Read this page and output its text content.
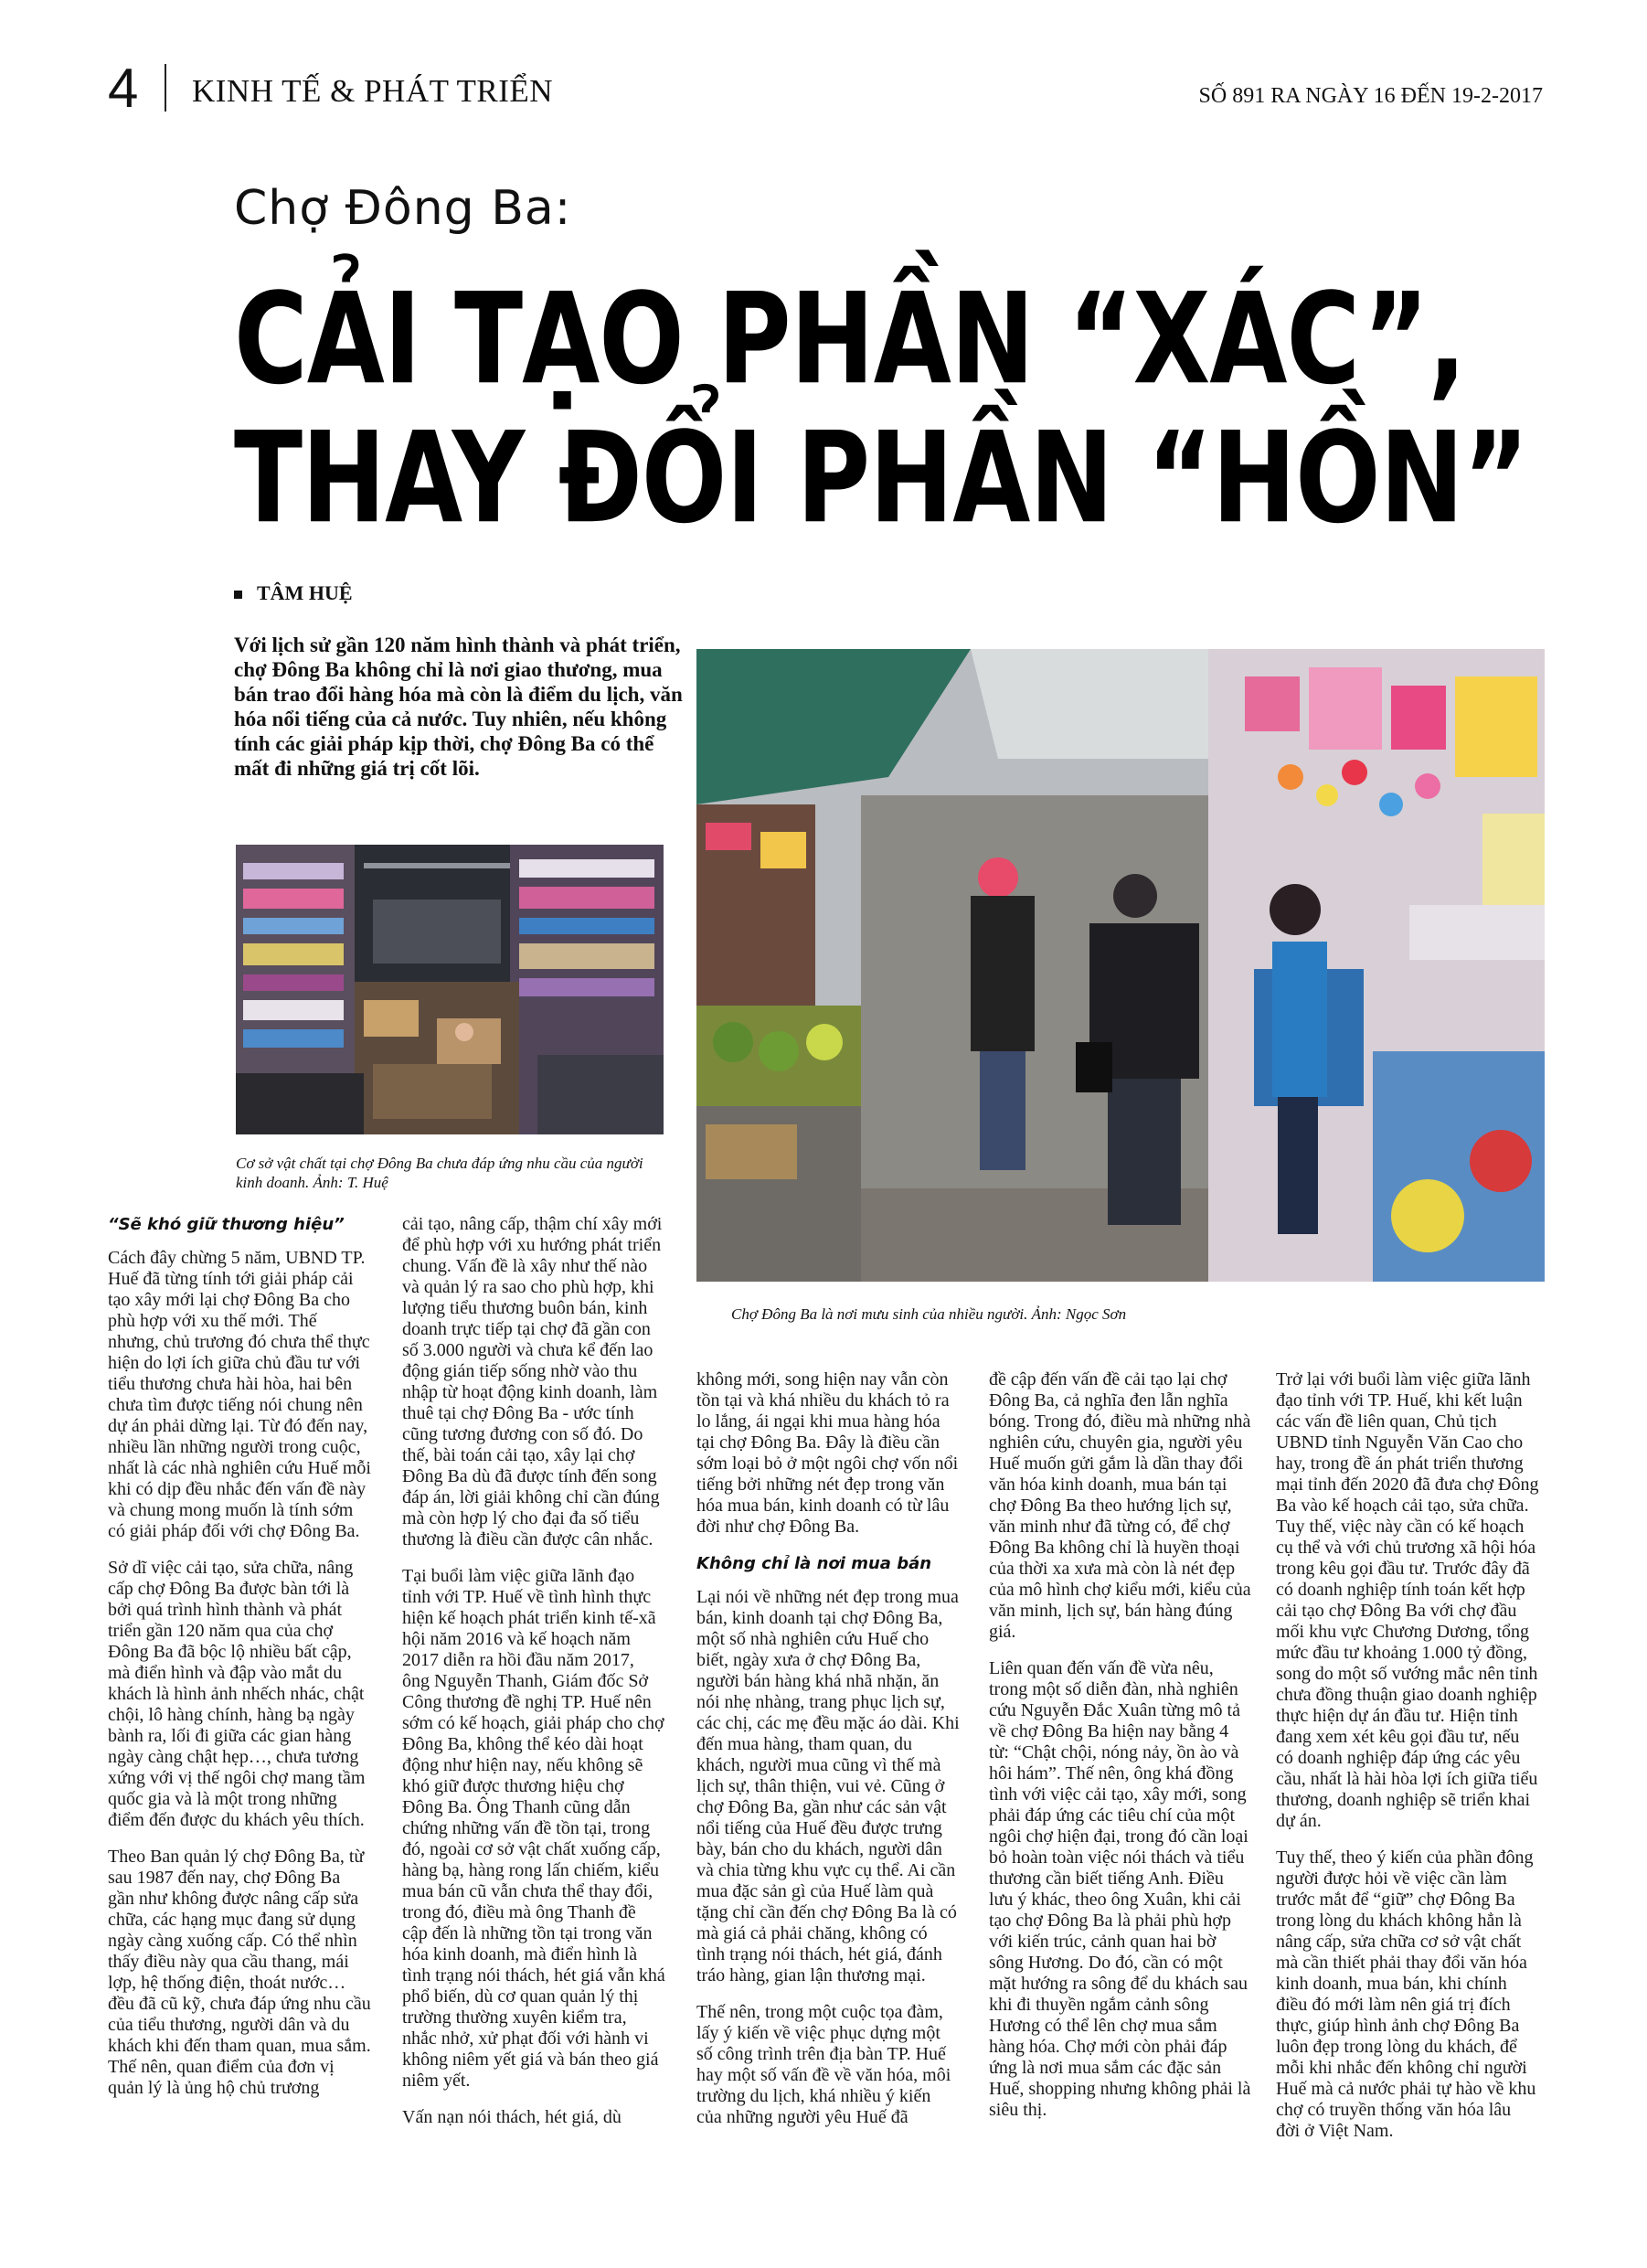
4 KINH TẾ & PHÁT TRIỂN	SỐ 891 RA NGÀY 16 ĐẾN 19-2-2017
Chợ Đông Ba:
CẢI TẠO PHẦN “XÁC”,
THAY ĐỔI PHẦN “HỒN”
TÂM HUỆ
Với lịch sử gần 120 năm hình thành và phát triển, chợ Đông Ba không chỉ là nơi giao thương, mua bán trao đổi hàng hóa mà còn là điểm du lịch, văn hóa nổi tiếng của cả nước. Tuy nhiên, nếu không tính các giải pháp kịp thời, chợ Đông Ba có thể mất đi những giá trị cốt lõi.
Cơ sở vật chất tại chợ Đông Ba chưa đáp ứng nhu cầu của người kinh doanh. Ảnh: T. Huệ
Chợ Đông Ba là nơi mưu sinh của nhiều người. Ảnh: Ngọc Sơn
“Sẽ khó giữ thương hiệu”

Cách đây chừng 5 năm, UBND TP. Huế đã từng tính tới giải pháp cải tạo xây mới lại chợ Đông Ba cho phù hợp với xu thế mới. Thế nhưng, chủ trương đó chưa thể thực hiện do lợi ích giữa chủ đầu tư với tiểu thương chưa hài hòa, hai bên chưa tìm được tiếng nói chung nên dự án phải dừng lại. Từ đó đến nay, nhiều lần những người trong cuộc, nhất là các nhà nghiên cứu Huế mỗi khi có dịp đều nhắc đến vấn đề này và chung mong muốn là tính sớm có giải pháp đối với chợ Đông Ba.

Sở dĩ việc cải tạo, sửa chữa, nâng cấp chợ Đông Ba được bàn tới là bởi quá trình hình thành và phát triển gần 120 năm qua của chợ Đông Ba đã bộc lộ nhiều bất cập, mà điển hình và đập vào mắt du khách là hình ảnh nhếch nhác, chật chội, lô hàng chính, hàng bạ ngày bành ra, lối đi giữa các gian hàng ngày càng chật hẹp…, chưa tương xứng với vị thế ngôi chợ mang tầm quốc gia và là một trong những điểm đến được du khách yêu thích.

Theo Ban quản lý chợ Đông Ba, từ sau 1987 đến nay, chợ Đông Ba gần như không được nâng cấp sửa chữa, các hạng mục đang sử dụng ngày càng xuống cấp. Có thể nhìn thấy điều này qua cầu thang, mái lợp, hệ thống điện, thoát nước… đều đã cũ kỹ, chưa đáp ứng nhu cầu của tiểu thương, người dân và du khách khi đến tham quan, mua sắm. Thế nên, quan điểm của đơn vị quản lý là ủng hộ chủ trương

cải tạo, nâng cấp, thậm chí xây mới để phù hợp với xu hướng phát triển chung. Vấn đề là xây như thế nào và quản lý ra sao cho phù hợp, khi lượng tiểu thương buôn bán, kinh doanh trực tiếp tại chợ đã gần con số 3.000 người và chưa kể đến lao động gián tiếp sống nhờ vào thu nhập từ hoạt động kinh doanh, làm thuê tại chợ Đông Ba - ước tính cũng tương đương con số đó. Do thế, bài toán cải tạo, xây lại chợ Đông Ba dù đã được tính đến song đáp án, lời giải không chỉ cần đúng mà còn hợp lý cho đại đa số tiểu thương là điều cần được cân nhắc.

Tại buổi làm việc giữa lãnh đạo tỉnh với TP. Huế về tình hình thực hiện kế hoạch phát triển kinh tế-xã hội năm 2016 và kế hoạch năm 2017 diễn ra hồi đầu năm 2017, ông Nguyễn Thanh, Giám đốc Sở Công thương đề nghị TP. Huế nên sớm có kế hoạch, giải pháp cho chợ Đông Ba, không thể kéo dài hoạt động như hiện nay, nếu không sẽ khó giữ được thương hiệu chợ Đông Ba. Ông Thanh cũng dẫn chứng những vấn đề tồn tại, trong đó, ngoài cơ sở vật chất xuống cấp, hàng bạ, hàng rong lấn chiếm, kiểu mua bán cũ vẫn chưa thể thay đổi, trong đó, điều mà ông Thanh đề cập đến là những tồn tại trong văn hóa kinh doanh, mà điển hình là tình trạng nói thách, hét giá vẫn khá phổ biến, dù cơ quan quản lý thị trường thường xuyên kiểm tra, nhắc nhở, xử phạt đối với hành vi không niêm yết giá và bán theo giá niêm yết.

Vấn nạn nói thách, hét giá, dù

không mới, song hiện nay vẫn còn tồn tại và khá nhiều du khách tỏ ra lo lắng, ái ngại khi mua hàng hóa tại chợ Đông Ba. Đây là điều cần sớm loại bỏ ở một ngôi chợ vốn nổi tiếng bởi những nét đẹp trong văn hóa mua bán, kinh doanh có từ lâu đời như chợ Đông Ba.

Không chỉ là nơi mua bán

Lại nói về những nét đẹp trong mua bán, kinh doanh tại chợ Đông Ba, một số nhà nghiên cứu Huế cho biết, ngày xưa ở chợ Đông Ba, người bán hàng khá nhã nhặn, ăn nói nhẹ nhàng, trang phục lịch sự, các chị, các mẹ đều mặc áo dài. Khi đến mua hàng, tham quan, du khách, người mua cũng vì thế mà lịch sự, thân thiện, vui vẻ. Cũng ở chợ Đông Ba, gần như các sản vật nổi tiếng của Huế đều được trưng bày, bán cho du khách, người dân và chia từng khu vực cụ thể. Ai cần mua đặc sản gì của Huế làm quà tặng chỉ cần đến chợ Đông Ba là có mà giá cả phải chăng, không có tình trạng nói thách, hét giá, đánh tráo hàng, gian lận thương mại.

Thế nên, trong một cuộc tọa đàm, lấy ý kiến về việc phục dựng một số công trình trên địa bàn TP. Huế hay một số vấn đề về văn hóa, môi trường du lịch, khá nhiều ý kiến của những người yêu Huế đã

đề cập đến vấn đề cải tạo lại chợ Đông Ba, cả nghĩa đen lẫn nghĩa bóng. Trong đó, điều mà những nhà nghiên cứu, chuyên gia, người yêu Huế muốn gửi gắm là dần thay đổi văn hóa kinh doanh, mua bán tại chợ Đông Ba theo hướng lịch sự, văn minh như đã từng có, để chợ Đông Ba không chỉ là huyền thoại của thời xa xưa mà còn là nét đẹp của mô hình chợ kiểu mới, kiểu của văn minh, lịch sự, bán hàng đúng giá.

Liên quan đến vấn đề vừa nêu, trong một số diễn đàn, nhà nghiên cứu Nguyễn Đắc Xuân từng mô tả về chợ Đông Ba hiện nay bằng 4 từ: “Chật chội, nóng nảy, ồn ào và hôi hám”. Thế nên, ông khá đồng tình với việc cải tạo, xây mới, song phải đáp ứng các tiêu chí của một ngôi chợ hiện đại, trong đó cần loại bỏ hoàn toàn việc nói thách và tiểu thương cần biết tiếng Anh. Điều lưu ý khác, theo ông Xuân, khi cải tạo chợ Đông Ba là phải phù hợp với kiến trúc, cảnh quan hai bờ sông Hương. Do đó, cần có một mặt hướng ra sông để du khách sau khi đi thuyền ngắm cảnh sông Hương có thể lên chợ mua sắm hàng hóa. Chợ mới còn phải đáp ứng là nơi mua sắm các đặc sản Huế, shopping nhưng không phải là siêu thị.

Trở lại với buổi làm việc giữa lãnh đạo tỉnh với TP. Huế, khi kết luận các vấn đề liên quan, Chủ tịch UBND tỉnh Nguyễn Văn Cao cho hay, trong đề án phát triển thương mại tỉnh đến 2020 đã đưa chợ Đông Ba vào kế hoạch cải tạo, sửa chữa. Tuy thế, việc này cần có kế hoạch cụ thể và với chủ trương xã hội hóa trong kêu gọi đầu tư. Trước đây đã có doanh nghiệp tính toán kết hợp cải tạo chợ Đông Ba với chợ đầu mối khu vực Chương Dương, tổng mức đầu tư khoảng 1.000 tỷ đồng, song do một số vướng mắc nên tỉnh chưa đồng thuận giao doanh nghiệp thực hiện dự án đầu tư. Hiện tỉnh đang xem xét kêu gọi đầu tư, nếu có doanh nghiệp đáp ứng các yêu cầu, nhất là hài hòa lợi ích giữa tiểu thương, doanh nghiệp sẽ triển khai dự án.

Tuy thế, theo ý kiến của phần đông người được hỏi về việc cần làm trước mắt để “giữ” chợ Đông Ba trong lòng du khách không hẳn là nâng cấp, sửa chữa cơ sở vật chất mà cần thiết phải thay đổi văn hóa kinh doanh, mua bán, khi chính điều đó mới làm nên giá trị đích thực, giúp hình ảnh chợ Đông Ba luôn đẹp trong lòng du khách, để mỗi khi nhắc đến không chỉ người Huế mà cả nước phải tự hào về khu chợ có truyền thống văn hóa lâu đời ở Việt Nam.
